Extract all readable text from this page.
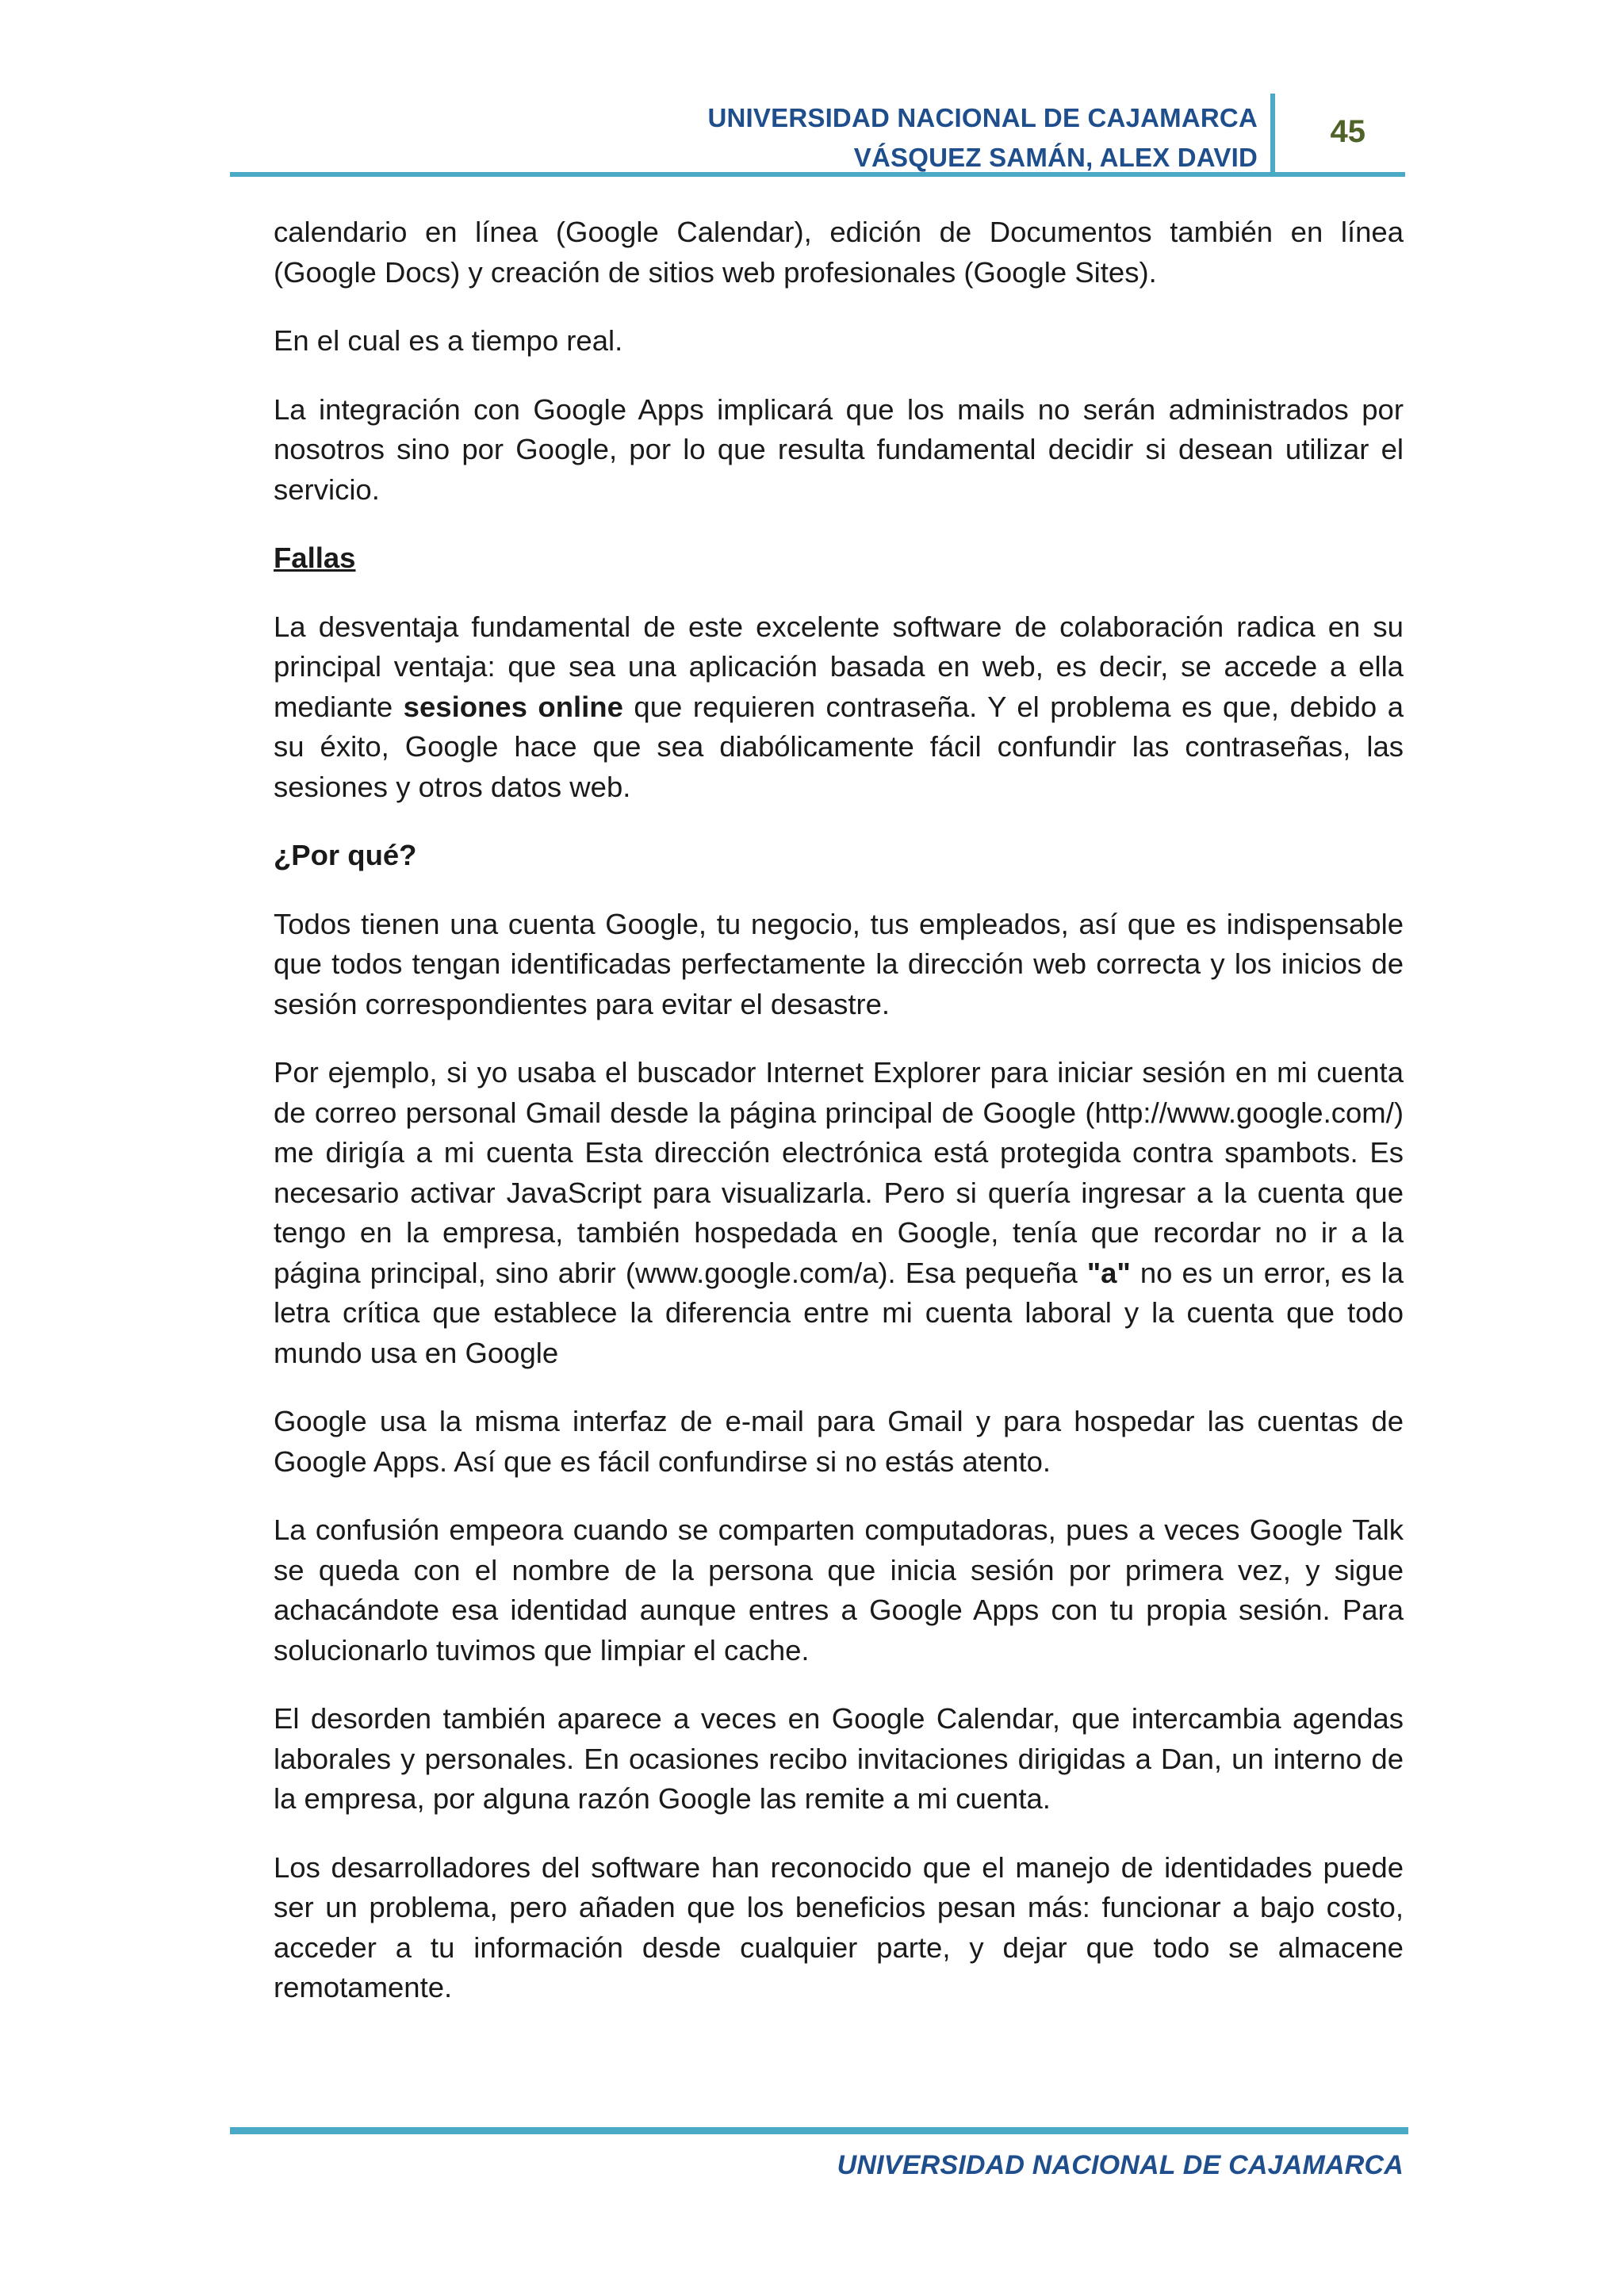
UNIVERSIDAD NACIONAL DE CAJAMARCA
VÁSQUEZ SAMÁN, ALEX DAVID
45

calendario en línea (Google Calendar), edición de Documentos también en línea (Google Docs) y creación de sitios web profesionales (Google Sites).

En el cual es a tiempo real.

La integración con Google Apps implicará que los mails no serán administrados por nosotros sino por Google, por lo que resulta fundamental decidir si desean utilizar el servicio.

Fallas

La desventaja fundamental de este excelente software de colaboración radica en su principal ventaja: que sea una aplicación basada en web, es decir, se accede a ella mediante sesiones online que requieren contraseña. Y el problema es que, debido a su éxito, Google hace que sea diabólicamente fácil confundir las contraseñas, las sesiones y otros datos web.

¿Por qué?

Todos tienen una cuenta Google, tu negocio, tus empleados, así que es indispensable que todos tengan identificadas perfectamente la dirección web correcta y los inicios de sesión correspondientes para evitar el desastre.

Por ejemplo, si yo usaba el buscador Internet Explorer para iniciar sesión en mi cuenta de correo personal Gmail desde la página principal de Google (http://www.google.com/) me dirigía a mi cuenta Esta dirección electrónica está protegida contra spambots. Es necesario activar JavaScript para visualizarla. Pero si quería ingresar a la cuenta que tengo en la empresa, también hospedada en Google, tenía que recordar no ir a la página principal, sino abrir (www.google.com/a). Esa pequeña "a" no es un error, es la letra crítica que establece la diferencia entre mi cuenta laboral y la cuenta que todo mundo usa en Google

Google usa la misma interfaz de e-mail para Gmail y para hospedar las cuentas de Google Apps. Así que es fácil confundirse si no estás atento.

La confusión empeora cuando se comparten computadoras, pues a veces Google Talk se queda con el nombre de la persona que inicia sesión por primera vez, y sigue achacándote esa identidad aunque entres a Google Apps con tu propia sesión. Para solucionarlo tuvimos que limpiar el cache.

El desorden también aparece a veces en Google Calendar, que intercambia agendas laborales y personales. En ocasiones recibo invitaciones dirigidas a Dan, un interno de la empresa, por alguna razón Google las remite a mi cuenta.

Los desarrolladores del software han reconocido que el manejo de identidades puede ser un problema, pero añaden que los beneficios pesan más: funcionar a bajo costo, acceder a tu información desde cualquier parte, y dejar que todo se almacene remotamente.

UNIVERSIDAD NACIONAL DE CAJAMARCA
